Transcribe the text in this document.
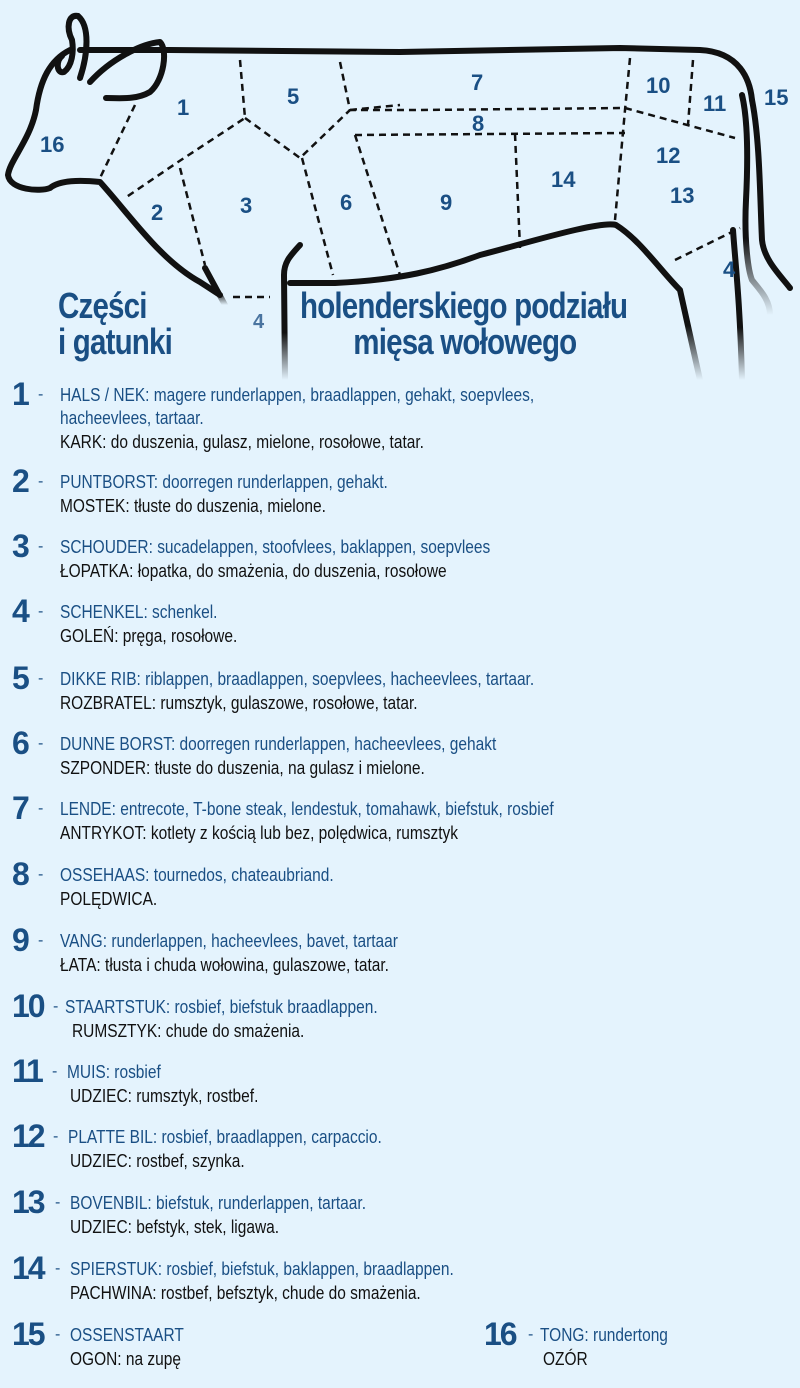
16
1
2	3
5
6
7
8
9
14
10
11 15
12
13
4
4
Części
i gatunki
holenderskiego podziału
mięsa wołowego
1 - HALS / NEK: magere runderlappen, braadlappen, gehakt, soepvlees,
hacheevlees, tartaar.
KARK: do duszenia, gulasz, mielone, rosołowe, tatar.
2 - PUNTBORST: doorregen runderlappen, gehakt.
MOSTEK: tłuste do duszenia, mielone.
3 - SCHOUDER: sucadelappen, stoofvlees, baklappen, soepvlees
ŁOPATKA: łopatka, do smażenia, do duszenia, rosołowe
4 - SCHENKEL: schenkel.
GOLEŃ: pręga, rosołowe.
5 - DIKKE RIB: riblappen, braadlappen, soepvlees, hacheevlees, tartaar.
ROZBRATEL: rumsztyk, gulaszowe, rosołowe, tatar.
6 - DUNNE BORST: doorregen runderlappen, hacheevlees, gehakt
SZPONDER: tłuste do duszenia, na gulasz i mielone.
7 - LENDE: entrecote, T-bone steak, lendestuk, tomahawk, biefstuk, rosbief
ANTRYKOT: kotlety z kością lub bez, polędwica, rumsztyk
8 - OSSEHAAS: tournedos, chateaubriand.
POLĘDWICA.
9 - VANG: runderlappen, hacheevlees, bavet, tartaar
ŁATA: tłusta i chuda wołowina, gulaszowe, tatar.
10 - STAARTSTUK: rosbief, biefstuk braadlappen.
RUMSZTYK: chude do smażenia.
11 - MUIS: rosbief
UDZIEC: rumsztyk, rostbef.
12 - PLATTE BIL: rosbief, braadlappen, carpaccio.
UDZIEC: rostbef, szynka.
13 - BOVENBIL: biefstuk, runderlappen, tartaar.
UDZIEC: befstyk, stek, ligawa.
14 - SPIERSTUK: rosbief, biefstuk, baklappen, braadlappen.
PACHWINA: rostbef, befsztyk, chude do smażenia.
15 - OSSENSTAART
OGON: na zupę
16 - TONG: rundertong
OZÓR
